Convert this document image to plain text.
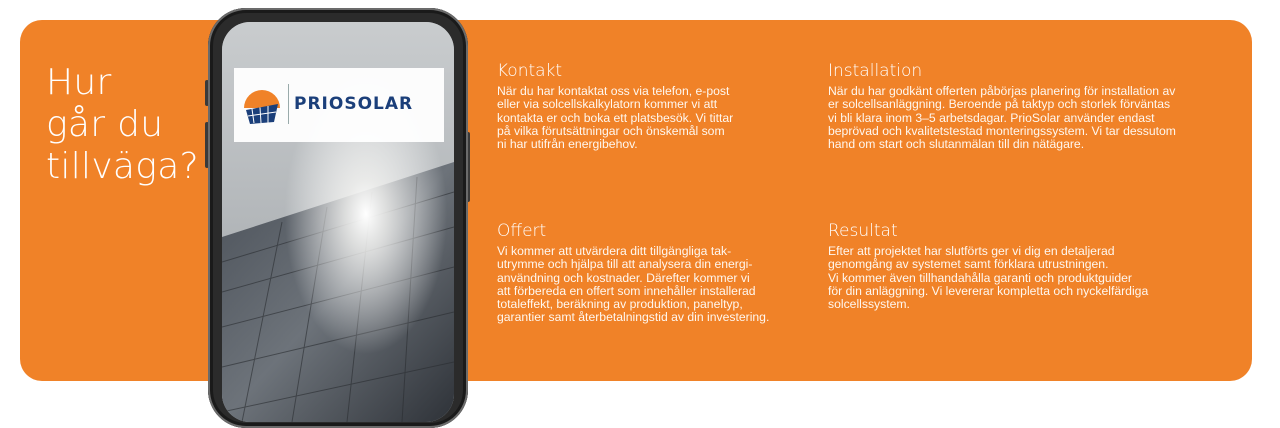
Hur
går du
tillväga?
PRIOSOLAR
Kontakt

När du har kontaktat oss via telefon, e-post
eller via solcellskalkylatorn kommer vi att
kontakta er och boka ett platsbesök. Vi tittar
på vilka förutsättningar och önskemål som
ni har utifrån energibehov.

Installation

När du har godkänt offerten påbörjas planering för installation av
er solcellsanläggning. Beroende på taktyp och storlek förväntas
vi bli klara inom 3–5 arbetsdagar. PrioSolar använder endast
beprövad och kvalitetstestad monteringssystem. Vi tar dessutom
hand om start och slutanmälan till din nätägare.

Offert

Vi kommer att utvärdera ditt tillgängliga tak-
utrymme och hjälpa till att analysera din energi-
användning och kostnader. Därefter kommer vi
att förbereda en offert som innehåller installerad
totaleffekt, beräkning av produktion, paneltyp,
garantier samt återbetalningstid av din investering.

Resultat

Efter att projektet har slutförts ger vi dig en detaljerad
genomgång av systemet samt förklara utrustningen.
Vi kommer även tillhandahålla garanti och produktguider
för din anläggning. Vi levererar kompletta och nyckelfärdiga
solcellssystem.
